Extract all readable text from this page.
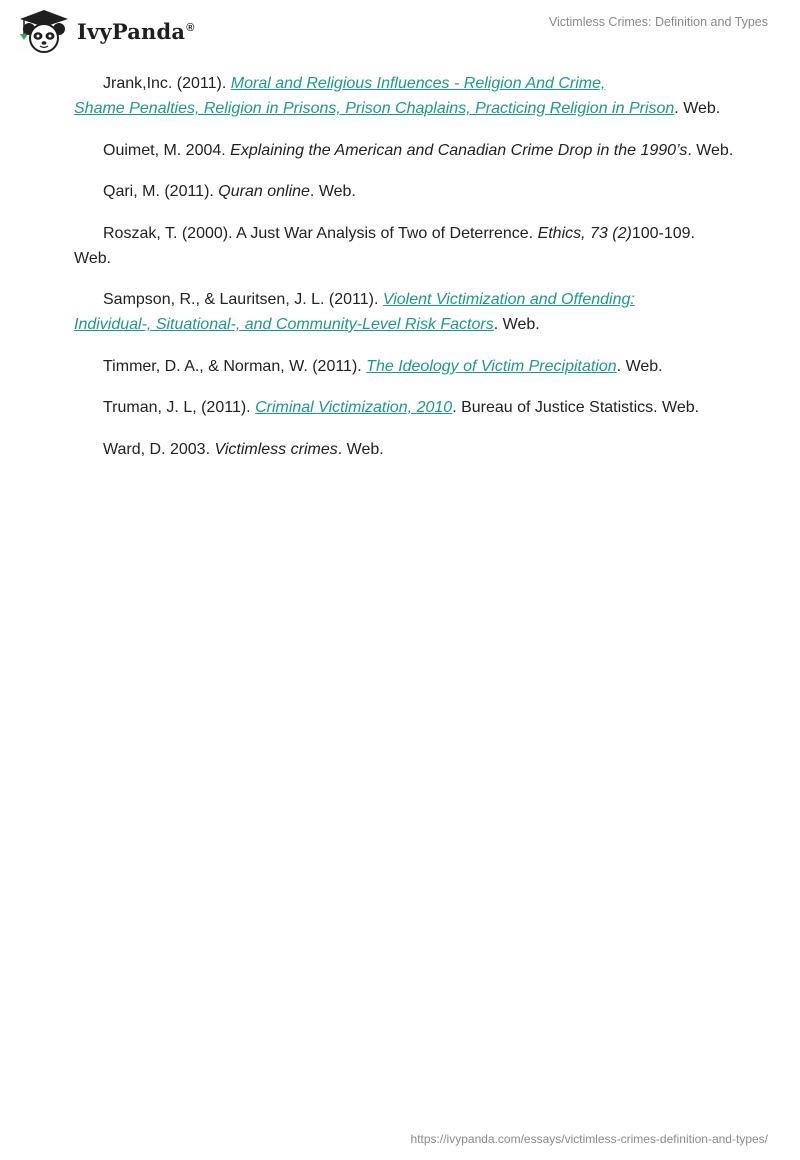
IvyPanda®	Victimless Crimes: Definition and Types

Jrank,Inc. (2011). Moral and Religious Influences - Religion And Crime,
Shame Penalties, Religion in Prisons, Prison Chaplains, Practicing Religion in Prison. Web.

Ouimet, M. 2004. Explaining the American and Canadian Crime Drop in the 1990’s. Web.

Qari, M. (2011). Quran online. Web.

Roszak, T. (2000). A Just War Analysis of Two of Deterrence. Ethics, 73 (2)100-109. Web.

Sampson, R., & Lauritsen, J. L. (2011). Violent Victimization and Offending:
Individual-, Situational-, and Community-Level Risk Factors. Web.

Timmer, D. A., & Norman, W. (2011). The Ideology of Victim Precipitation. Web.

Truman, J. L, (2011). Criminal Victimization, 2010. Bureau of Justice Statistics. Web.

Ward, D. 2003. Victimless crimes. Web.

https://ivypanda.com/essays/victimless-crimes-definition-and-types/
